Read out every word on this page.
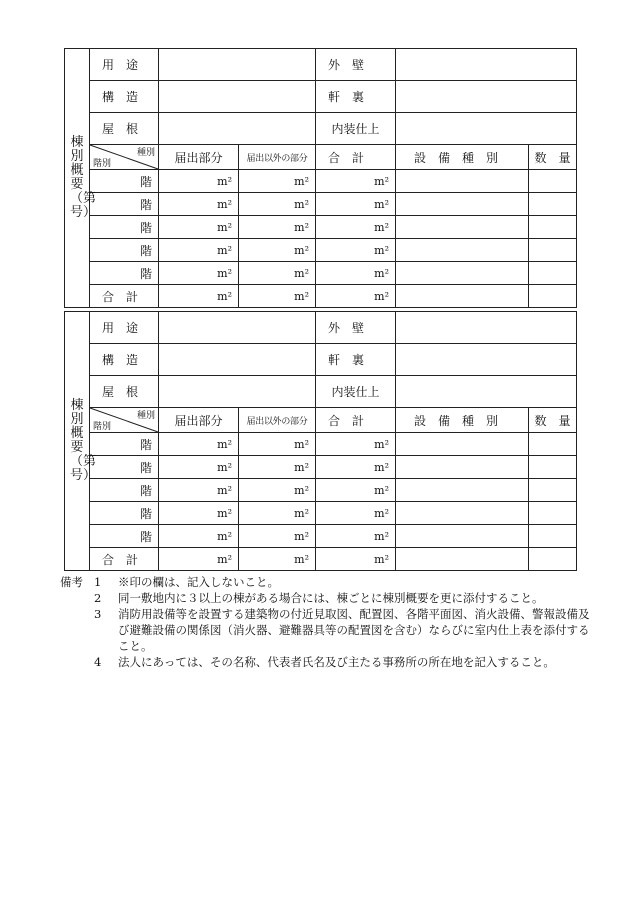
棟別概要（第　号）	用　途			外　壁		

	構　造			軒　裏		

	屋　根			内装仕上		

	種別
階別	届出部分	届出以外の部分	合　計	設　備　種　別	数　量
	階	m²	m²	m²		
	階	m²	m²	m²		
	階	m²	m²	m²		
	階	m²	m²	m²		
	階	m²	m²	m²		

	合　計	m²	m²	m²		
棟別概要（第　号）	用　途			外　壁		

	構　造			軒　裏		

	屋　根			内装仕上		

	種別
階別	届出部分	届出以外の部分	合　計	設　備　種　別	数　量
	階	m²	m²	m²		
	階	m²	m²	m²		
	階	m²	m²	m²		
	階	m²	m²	m²		
	階	m²	m²	m²		

	合　計	m²	m²	m²		
備考 1	※印の欄は、記入しないこと。
2	同一敷地内に３以上の棟がある場合には、棟ごとに棟別概要を更に添付すること。
3	消防用設備等を設置する建築物の付近見取図、配置図、各階平面図、消火設備、警報設備及び避難設備の関係図（消火器、避難器具等の配置図を含む）ならびに室内仕上表を添付すること。
4	法人にあっては、その名称、代表者氏名及び主たる事務所の所在地を記入すること。
